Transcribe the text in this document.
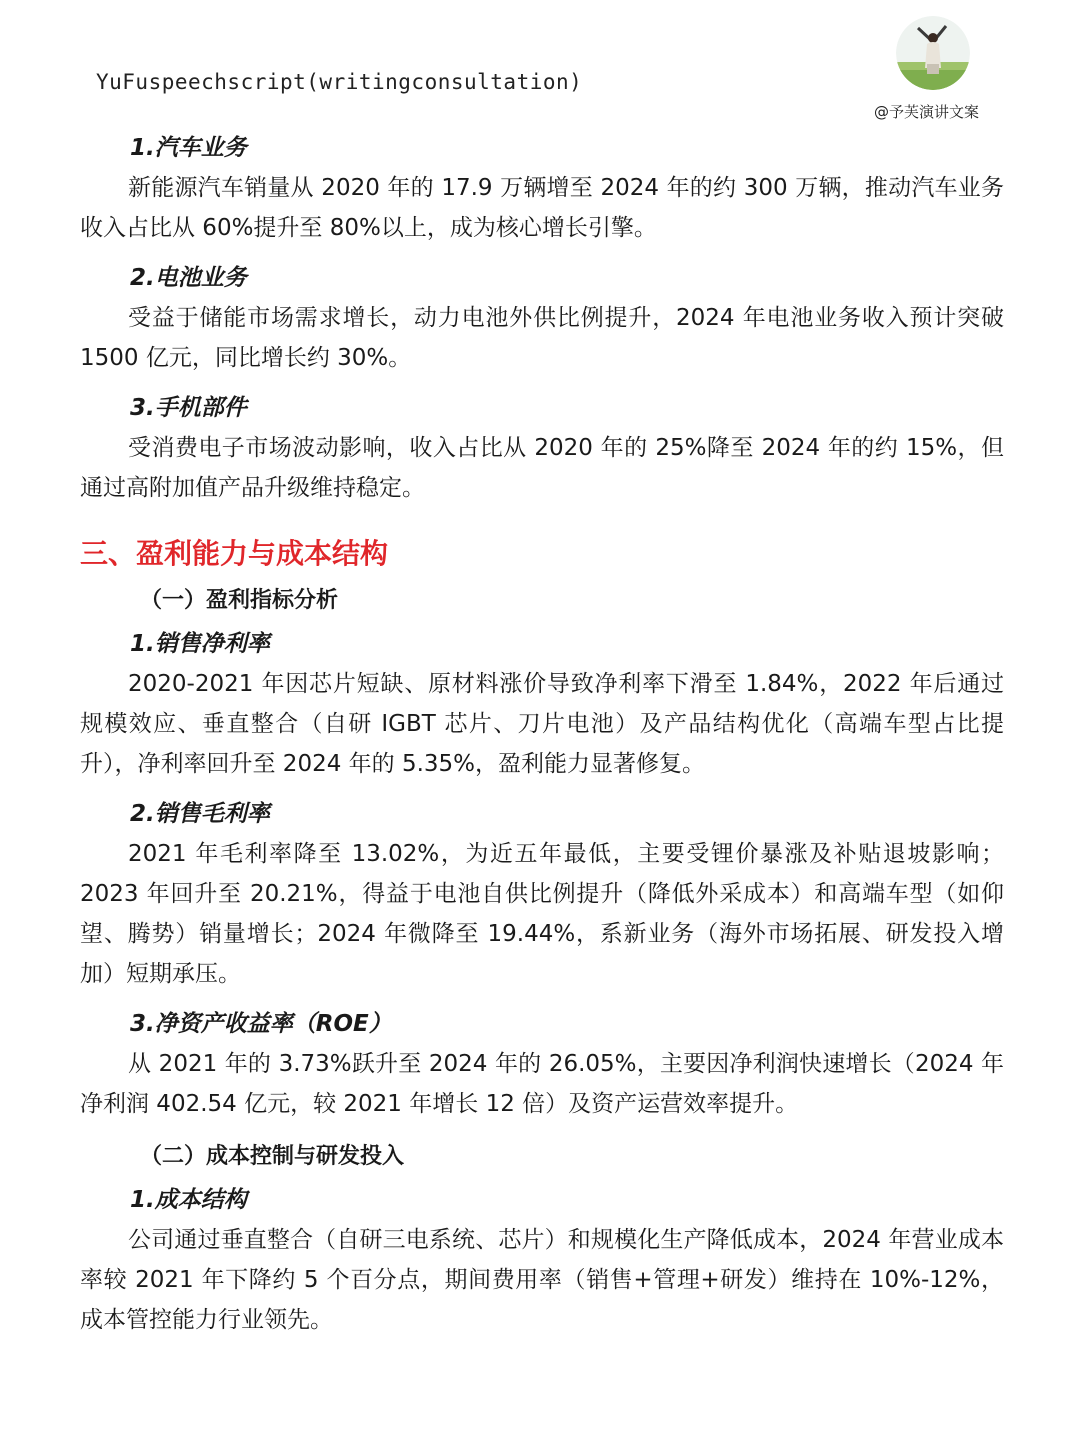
YuFuspeechscript(writingconsultation)
@予芙演讲文案
1.汽车业务

新能源汽车销量从 2020 年的 17.9 万辆增至 2024 年的约 300 万辆，推动汽车业务收入占比从 60%提升至 80%以上，成为核心增长引擎。

2.电池业务

受益于储能市场需求增长，动力电池外供比例提升，2024 年电池业务收入预计突破 1500 亿元，同比增长约 30%。

3.手机部件

受消费电子市场波动影响，收入占比从 2020 年的 25%降至 2024 年的约 15%，但通过高附加值产品升级维持稳定。

三、盈利能力与成本结构
（一）盈利指标分析
1.销售净利率

2020-2021 年因芯片短缺、原材料涨价导致净利率下滑至 1.84%，2022 年后通过规模效应、垂直整合（自研 IGBT 芯片、刀片电池）及产品结构优化（高端车型占比提升），净利率回升至 2024 年的 5.35%，盈利能力显著修复。

2.销售毛利率

2021 年毛利率降至 13.02%，为近五年最低，主要受锂价暴涨及补贴退坡影响；2023 年回升至 20.21%，得益于电池自供比例提升（降低外采成本）和高端车型（如仰望、腾势）销量增长；2024 年微降至 19.44%，系新业务（海外市场拓展、研发投入增加）短期承压。

3.净资产收益率（ROE）

从 2021 年的 3.73%跃升至 2024 年的 26.05%，主要因净利润快速增长（2024 年净利润 402.54 亿元，较 2021 年增长 12 倍）及资产运营效率提升。

（二）成本控制与研发投入
1.成本结构

公司通过垂直整合（自研三电系统、芯片）和规模化生产降低成本，2024 年营业成本率较 2021 年下降约 5 个百分点，期间费用率（销售+管理+研发）维持在 10%-12%，成本管控能力行业领先。
